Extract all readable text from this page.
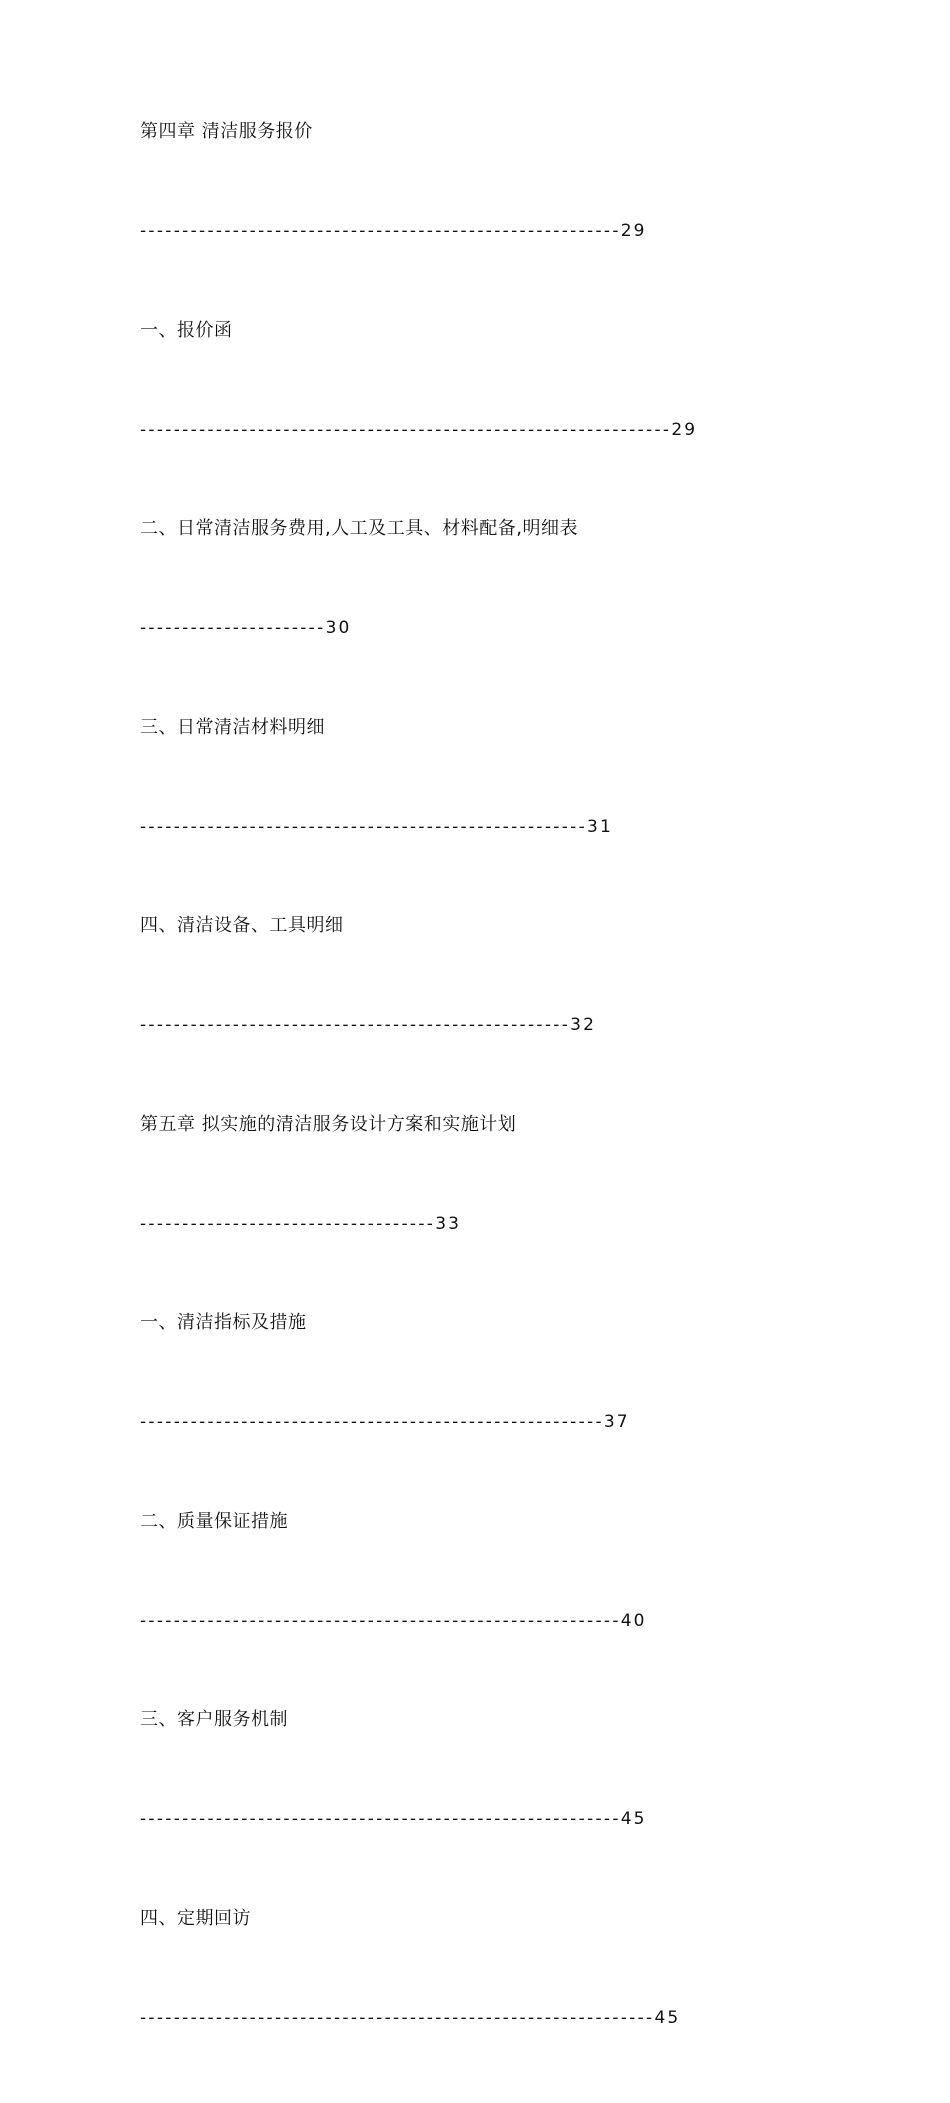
第四章 清洁服务报价
---------------------------------------------------------29
一、报价函
---------------------------------------------------------------29
二、日常清洁服务费用,人工及工具、材料配备,明细表
----------------------30
三、日常清洁材料明细
-----------------------------------------------------31
四、清洁设备、工具明细
---------------------------------------------------32
第五章 拟实施的清洁服务设计方案和实施计划
-----------------------------------33
一、清洁指标及措施
-------------------------------------------------------37
二、质量保证措施
---------------------------------------------------------40
三、客户服务机制
---------------------------------------------------------45
四、定期回访
-------------------------------------------------------------45
